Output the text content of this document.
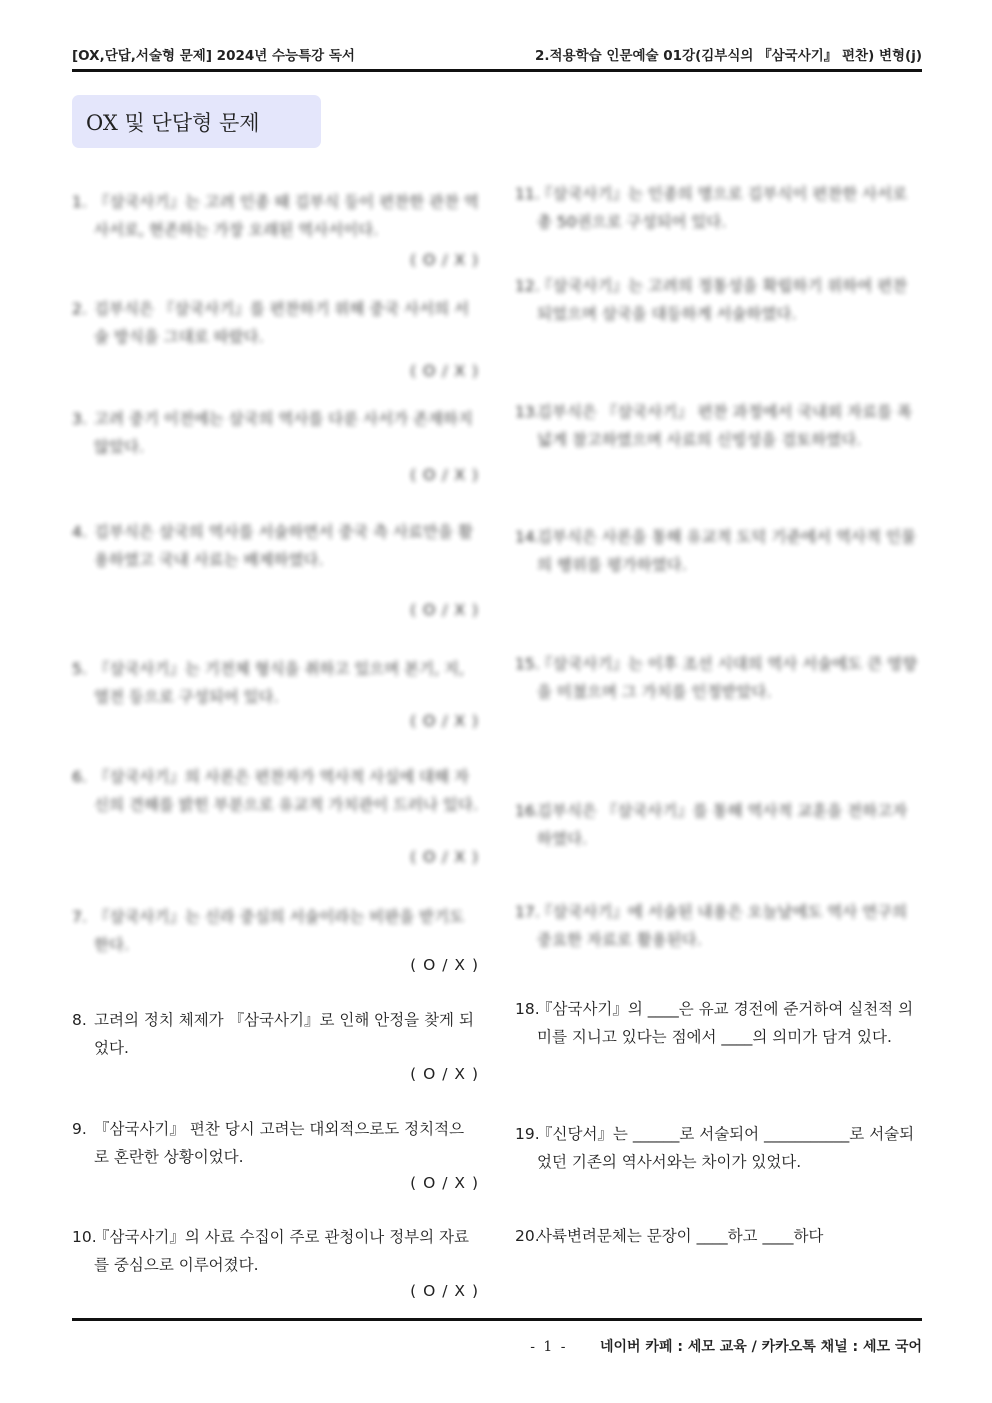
[OX,단답,서술형 문제] 2024년 수능특강 독서	2.적용학습 인문예술 01강(김부식의 『삼국사기』 편찬) 변형(j)
OX 및 단답형 문제
1. 『삼국사기』는 고려 인종 때 김부식 등이 편찬한 관찬 역사서로, 현존하는 가장 오래된 역사서이다.
( O / X )
2. 김부식은 『삼국사기』를 편찬하기 위해 중국 사서의 서술 방식을 그대로 따랐다.
( O / X )
3. 고려 중기 이전에는 삼국의 역사를 다룬 사서가 존재하지 않았다.
( O / X )
4. 김부식은 삼국의 역사를 서술하면서 중국 측 사료만을 활용하였고 국내 사료는 배제하였다.
( O / X )
5. 『삼국사기』는 기전체 형식을 취하고 있으며 본기, 지, 열전 등으로 구성되어 있다.
( O / X )
6. 『삼국사기』의 사론은 편찬자가 역사적 사실에 대해 자신의 견해를 밝힌 부분으로 유교적 가치관이 드러나 있다.
( O / X )
7. 『삼국사기』는 신라 중심의 서술이라는 비판을 받기도 한다.
( O / X )
8. 고려의 정치 체제가 『삼국사기』로 인해 안정을 찾게 되었다.
( O / X )
9. 『삼국사기』 편찬 당시 고려는 대외적으로도 정치적으로 혼란한 상황이었다.
( O / X )
10.
『삼국사기』의 사료 수집이 주로 관청이나 정부의 자료를 중심으로 이루어졌다.
( O / X )
11.
『삼국사기』는 인종의 명으로 김부식이 편찬한 사서로 총 50권으로 구성되어 있다.
12.
『삼국사기』는 고려의 정통성을 확립하기 위하여 편찬되었으며 삼국을 대등하게 서술하였다.
13.
김부식은 『삼국사기』 편찬 과정에서 국내외 자료를 폭넓게 참고하였으며 사료의 신빙성을 검토하였다.
14.
김부식은 사론을 통해 유교적 도덕 기준에서 역사적 인물의 행위를 평가하였다.
15.
『삼국사기』는 이후 조선 시대의 역사 서술에도 큰 영향을 미쳤으며 그 가치를 인정받았다.
16.
김부식은 『삼국사기』를 통해 역사적 교훈을 전하고자 하였다.
17.
『삼국사기』에 서술된 내용은 오늘날에도 역사 연구의 중요한 자료로 활용된다.
18.
『삼국사기』의 ____은 유교 경전에 준거하여 실천적 의미를 지니고 있다는 점에서 ____의 의미가 담겨 있다.
19.
『신당서』는 ______로 서술되어 ___________로 서술되었던 기존의 역사서와는 차이가 있었다.
20.
사륙변려문체는 문장이 ____하고 ____하다
- 1 - 네이버 카페 : 세모 교육 / 카카오톡 채널 : 세모 국어
